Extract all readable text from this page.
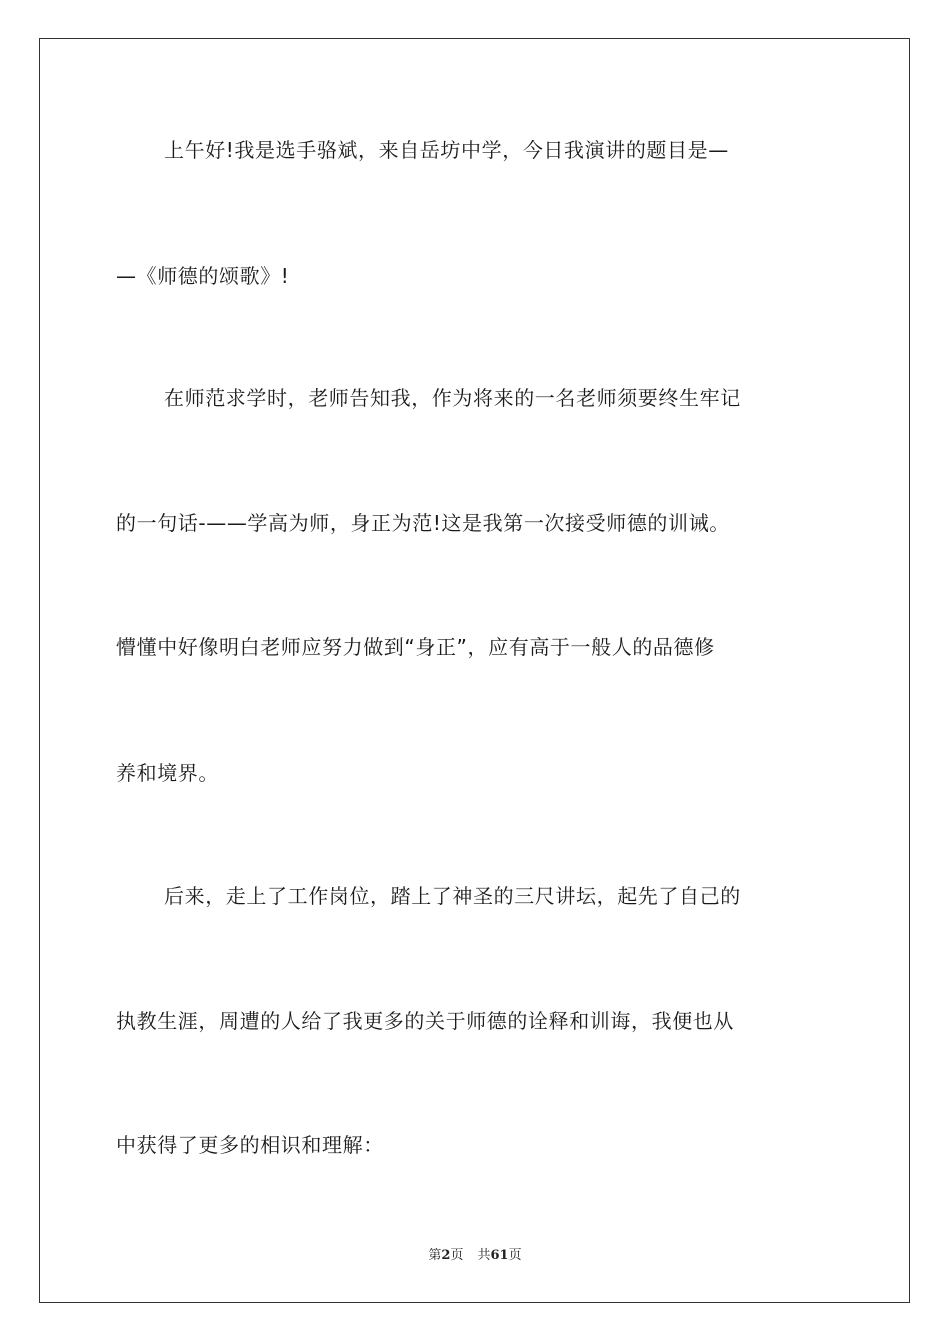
上午好!我是选手骆斌，来自岳坊中学，今日我演讲的题目是—
—《师德的颂歌》!
在师范求学时，老师告知我，作为将来的一名老师须要终生牢记
的一句话-——学高为师，身正为范!这是我第一次接受师德的训诫。
懵懂中好像明白老师应努力做到“身正”，应有高于一般人的品德修
养和境界。
后来，走上了工作岗位，踏上了神圣的三尺讲坛，起先了自己的
执教生涯，周遭的人给了我更多的关于师德的诠释和训诲，我便也从
中获得了更多的相识和理解：
第2页 共61页
